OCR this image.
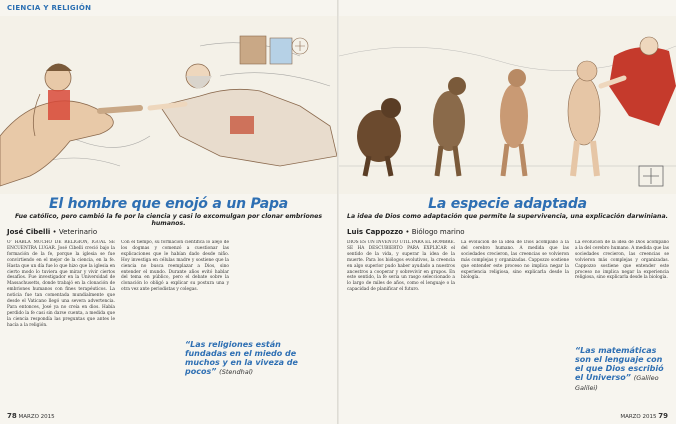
CIENCIA Y RELIGIÓN
El hombre que enojó a un Papa
Fue católico, pero cambió la fe por la ciencia y casi lo excomulgan por clonar embriones humanos.
José Cibelli • Veterinario
Oʻ HABLA MUCHO DE RELIGIÓN, IGUAL SE ENCUENTRA LUGAR. José Cibelli creció bajo la formación de la fe, porque la iglesia se fue convirtiendo en el mejor de la ciencia, en la fe. Hasta que un día fue lo que hizo que la iglesia en cierto modo lo tuviera que mirar y vivir ciertos desafíos. Fue investigador en la Universidad de Massachusetts, donde trabajó en la clonación de embriones humanos con fines terapéuticos. La noticia fue tan comentada mundialmente que desde el Vaticano llegó una severa advertencia. Para entonces, José ya no creía en dios. Había perdido la fe casi sin darse cuenta, a medida que la ciencia respondía las preguntas que antes le hacía a la religión.
Con el tiempo, su formación científica lo alejó de los dogmas y comenzó a cuestionar las explicaciones que le habían dado desde niño. Hoy investiga en células madre y sostiene que la ciencia no busca reemplazar a Dios, sino entender el mundo. Durante años evitó hablar del tema en público, pero el debate sobre la clonación lo obligó a explicar su postura una y otra vez ante periodistas y colegas.
“Las religiones están fundadas en el miedo de muchos y en la viveza de pocos” (Stendhal)
78 MARZO 2015
La especie adaptada
La idea de Dios como adaptación que permite la supervivencia, una explicación darwiniana.
Luis Cappozzo • Biólogo marino
DIOS ES UN INVENTO ÚTIL PARA EL HOMBRE. SE HA DESCUBIERTO PARA EXPLICAR el sentido de la vida, y superar la idea de la muerte. Para los biólogos evolutivos, la creencia en algo superior pudo haber ayudado a nuestros ancestros a cooperar y sobrevivir en grupos. En este sentido, la fe sería un rasgo seleccionado a lo largo de miles de años, como el lenguaje o la capacidad de planificar el futuro.
La evolución de la idea de Dios acompañó a la del cerebro humano. A medida que las sociedades crecieron, las creencias se volvieron más complejas y organizadas. Cappozzo sostiene que entender este proceso no implica negar la experiencia religiosa, sino explicarla desde la biología.
La evolución de la idea de Dios acompañó a la del cerebro humano. A medida que las sociedades crecieron, las creencias se volvieron más complejas y organizadas. Cappozzo sostiene que entender este proceso no implica negar la experiencia religiosa, sino explicarla desde la biología.
“Las matemáticas son el lenguaje con el que Dios escribió el Universo” (Galileo Galilei)
MARZO 2015 79
